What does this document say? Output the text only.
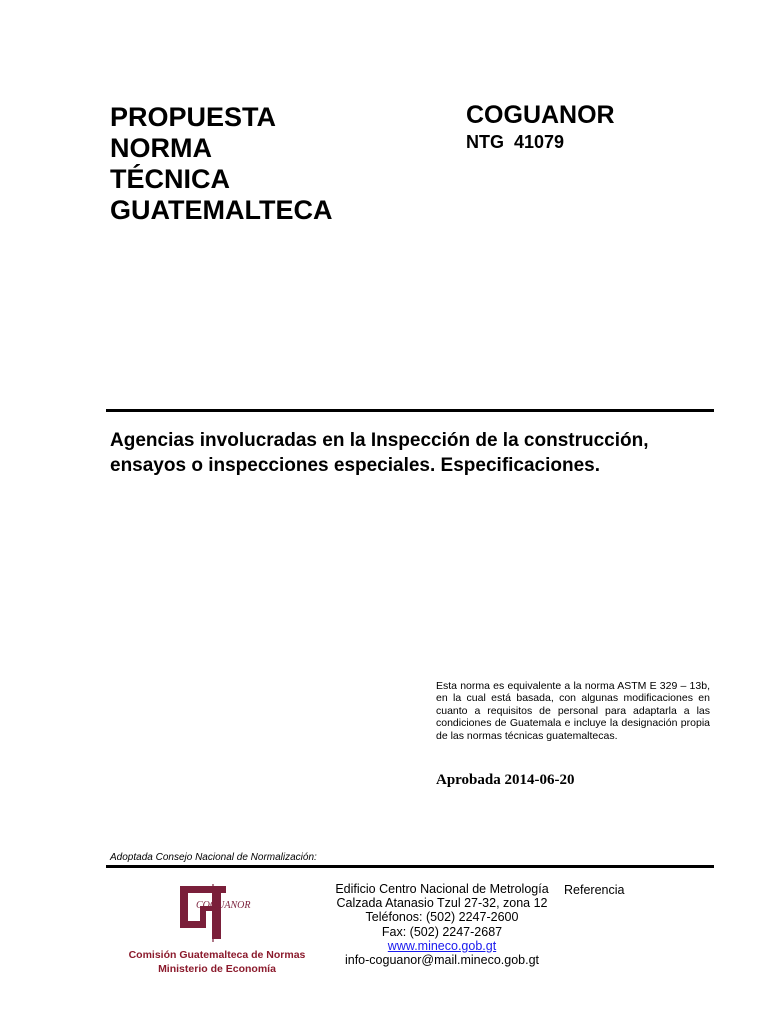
PROPUESTA
NORMA
TÉCNICA
GUATEMALTECA
COGUANOR
NTG  41079
Agencias involucradas en la Inspección de la construcción, ensayos o inspecciones especiales. Especificaciones.
Esta norma es equivalente a la norma ASTM E 329 – 13b, en la cual está basada, con algunas modificaciones en cuanto a requisitos de personal para adaptarla a las condiciones de Guatemala e incluye la designación propia de las normas técnicas guatemaltecas.
Aprobada 2014-06-20
Adoptada Consejo Nacional de Normalización:
COGUANOR
Comisión Guatemalteca de Normas
Ministerio de Economía
Edificio Centro Nacional de Metrología
Calzada Atanasio Tzul 27-32, zona 12
Teléfonos: (502) 2247-2600
Fax: (502) 2247-2687
www.mineco.gob.gt
info-coguanor@mail.mineco.gob.gt
Referencia
